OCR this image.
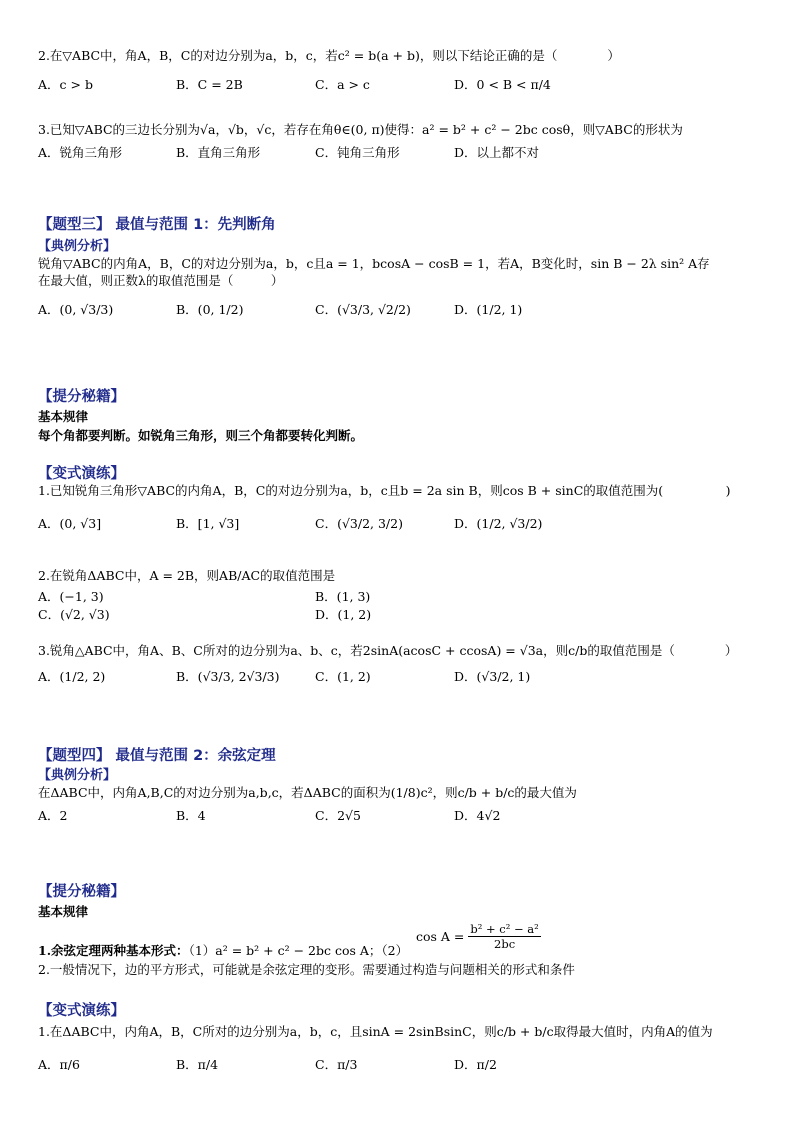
2.在▽ABC中，角A，B，C的对边分别为a，b，c，若c² = b(a + b)，则以下结论正确的是（　　　　）
A．c > b	B．C = 2B	C．a > c	D．0 < B < π/4
3.已知▽ABC的三边长分别为√a，√b，√c，若存在角θ∈(0, π)使得：a² = b² + c² − 2bc cosθ，则▽ABC的形状为
A．锐角三角形	B．直角三角形	C．钝角三角形	D．以上都不对
【题型三】 最值与范围 1：先判断角
【典例分析】
锐角▽ABC的内角A，B，C的对边分别为a，b，c且a = 1，bcosA − cosB = 1，若A，B变化时，sin B − 2λ sin² A存
在最大值，则正数λ的取值范围是（　　　）
A．(0, √3/3)	B．(0, 1/2)	C．(√3/3, √2/2)	D．(1/2, 1)
【提分秘籍】
基本规律
每个角都要判断。如锐角三角形，则三个角都要转化判断。
【变式演练】
1.已知锐角三角形▽ABC的内角A，B，C的对边分别为a，b，c且b = 2a sin B，则cos B + sinC的取值范围为(　　　　　)
A．(0, √3]	B．[1, √3]	C．(√3/2, 3/2)	D．(1/2, √3/2)
2.在锐角ΔABC中，A = 2B，则AB/AC的取值范围是
A．(−1, 3)	B．(1, 3)
C．(√2, √3)	D．(1, 2)
3.锐角△ABC中，角A、B、C所对的边分别为a、b、c，若2sinA(acosC + ccosA) = √3a，则c/b的取值范围是（　　　　）
A．(1/2, 2)	B．(√3/3, 2√3/3)	C．(1, 2)	D．(√3/2, 1)
【题型四】 最值与范围 2：余弦定理
【典例分析】
在ΔABC中，内角A,B,C的对边分别为a,b,c，若ΔABC的面积为(1/8)c²，则c/b + b/c的最大值为
A．2	B．4	C．2√5	D．4√2
【提分秘籍】
基本规律
1.余弦定理两种基本形式：（1）a² = b² + c² − 2bc cos A；（2）
$\cos A = \frac{\text{b² + c² − a²}}{2bc}$
2.一般情况下，边的平方形式，可能就是余弦定理的变形。需要通过构造与问题相关的形式和条件
【变式演练】
1.在ΔABC中，内角A，B，C所对的边分别为a，b，c，且sinA = 2sinBsinC，则c/b + b/c取得最大值时，内角A的值为
A．π/6	B．π/4	C．π/3	D．π/2
